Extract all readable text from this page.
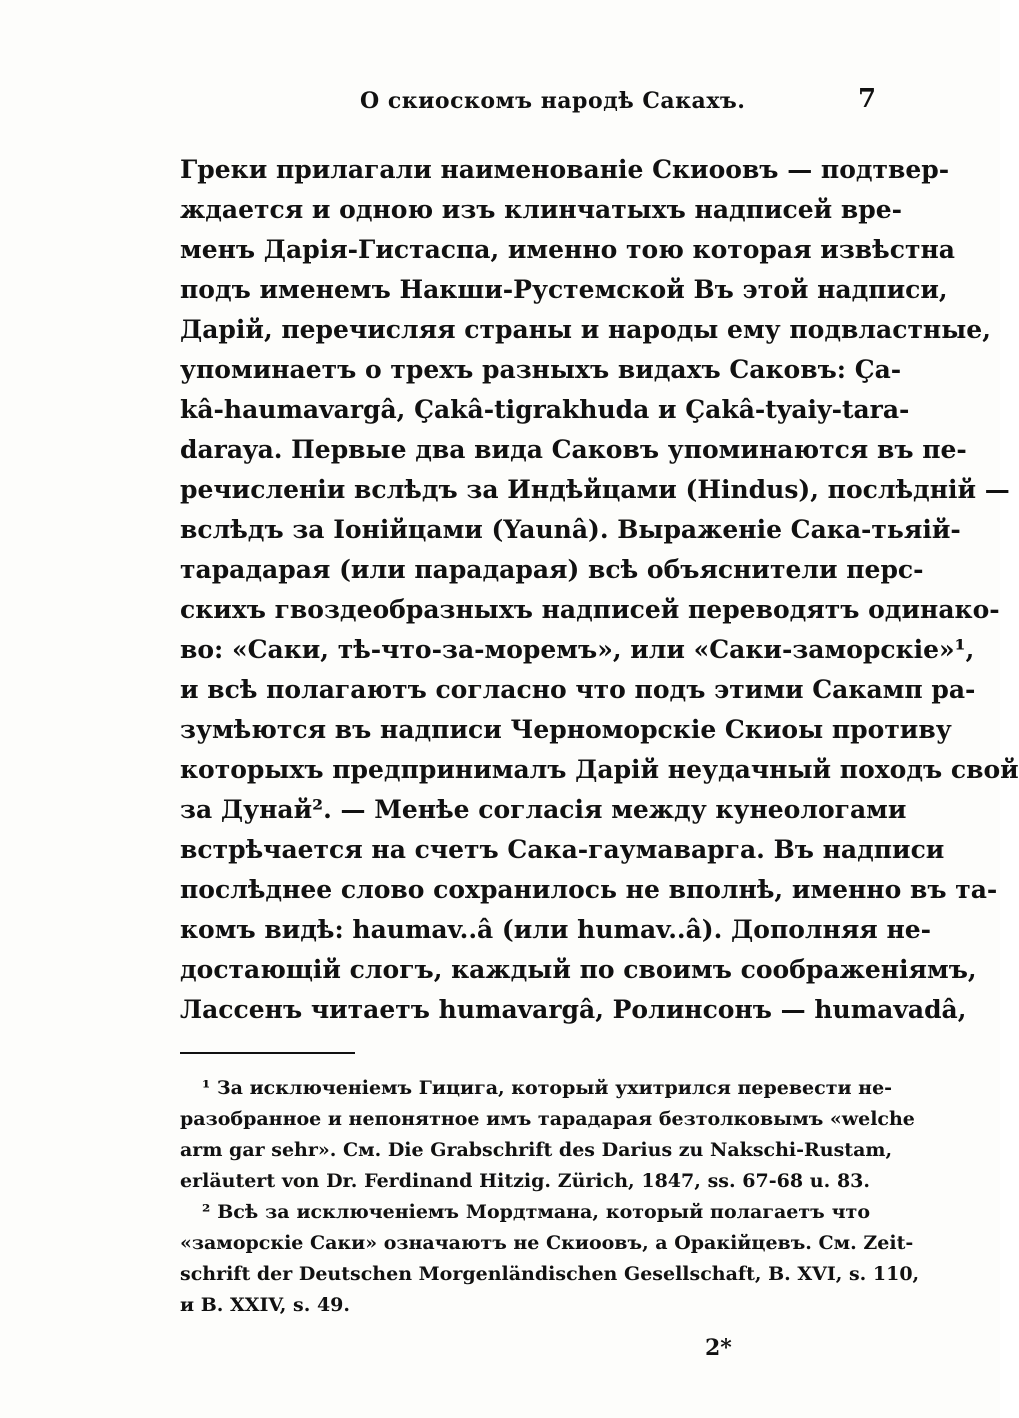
О скиоскомъ народѣ Сакахъ.	7
Греки прилагали наименованіе Скиоовъ — подтвер-
ждается и одною изъ клинчатыхъ надписей вре-
менъ Дарія-Гистаспа, именно тою которая извѣстна
подъ именемъ Накши-Рустемской Въ этой надписи,
Дарій, перечисляя страны и народы ему подвластные,
упоминаетъ о трехъ разныхъ видахъ Саковъ: Ça-
kâ-haumavargâ, Çakâ-tigrakhuda и Çakâ-tyaiy-tara-
daraya. Первые два вида Саковъ упоминаются въ пе-
речисленіи вслѣдъ за Индѣйцами (Hindus), послѣдній —
вслѣдъ за Іонійцами (Yaunâ). Выраженіе Сака-тьяій-
тарадарая (или парадарая) всѣ объяснители перс-
скихъ гвоздеобразныхъ надписей переводятъ одинако-
во: «Саки, тѣ-что-за-моремъ», или «Саки-заморскіе»¹,
и всѣ полагаютъ согласно что подъ этими Сакамп ра-
зумѣются въ надписи Черноморскіе Скиоы противу
которыхъ предпринималъ Дарій неудачный походъ свой
за Дунай². — Менѣе согласія между кунеологами
встрѣчается на счетъ Сака-гаумаварга. Въ надписи
послѣднее слово сохранилось не вполнѣ, именно въ та-
комъ видѣ: haumav..â (или humav..â). Дополняя не-
достающій слогъ, каждый по своимъ соображеніямъ,
Лассенъ читаетъ humavargâ, Ролинсонъ — humavadâ,
¹ За исключеніемъ Гицига, который ухитрился перевести не-
разобранное и непонятное имъ тарадарая безтолковымъ «welche
arm gar sehr». См. Die Grabschrift des Darius zu Nakschi-Rustam,
erläutert von Dr. Ferdinand Hitzig. Zürich, 1847, ss. 67-68 u. 83.
² Всѣ за исключеніемъ Мордтмана, который полагаетъ что
«заморскіе Саки» означаютъ не Скиоовъ, а Оракійцевъ. См. Zeit-
schrift der Deutschen Morgenländischen Gesellschaft, B. XVI, s. 110,
и B. XXIV, s. 49.
2*
